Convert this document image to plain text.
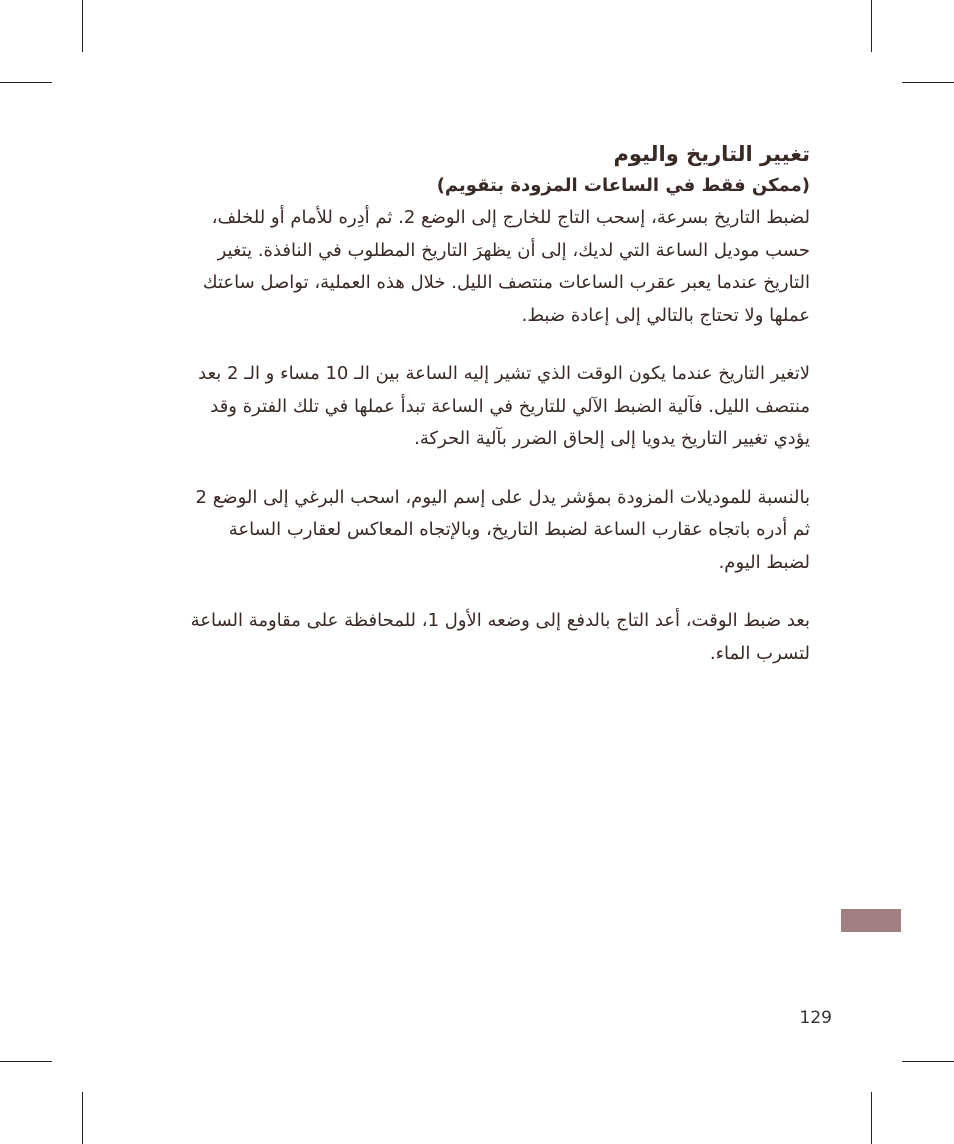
تغيير التاريخ واليوم
(ممكن فقط في الساعات المزودة بتقويم)

لضبط التاريخ بسرعة، إسحب التاج للخارج إلى الوضع 2. ثم أدِره للأمام أو للخلف، حسب موديل الساعة التي لديك، إلى أن يظهرَ التاريخ المطلوب في النافذة. يتغير التاريخ عندما يعبر عقرب الساعات منتصف الليل. خلال هذه العملية، تواصل ساعتك عملها ولا تحتاج بالتالي إلى إعادة ضبط.

لاتغير التاريخ عندما يكون الوقت الذي تشير إليه الساعة بين الـ 10 مساء و الـ 2 بعد منتصف الليل. فآلية الضبط الآلي للتاريخ في الساعة تبدأ عملها في تلك الفترة وقد يؤدي تغيير التاريخ يدويا إلى إلحاق الضرر بآلية الحركة.

بالنسبة للموديلات المزودة بمؤشر يدل على إسم اليوم، اسحب البرغي إلى الوضع 2 ثم أدره باتجاه عقارب الساعة لضبط التاريخ، وبالإتجاه المعاكس لعقارب الساعة لضبط اليوم.

بعد ضبط الوقت، أعد التاج بالدفع إلى وضعه الأول 1، للمحافظة على مقاومة الساعة لتسرب الماء.

129
